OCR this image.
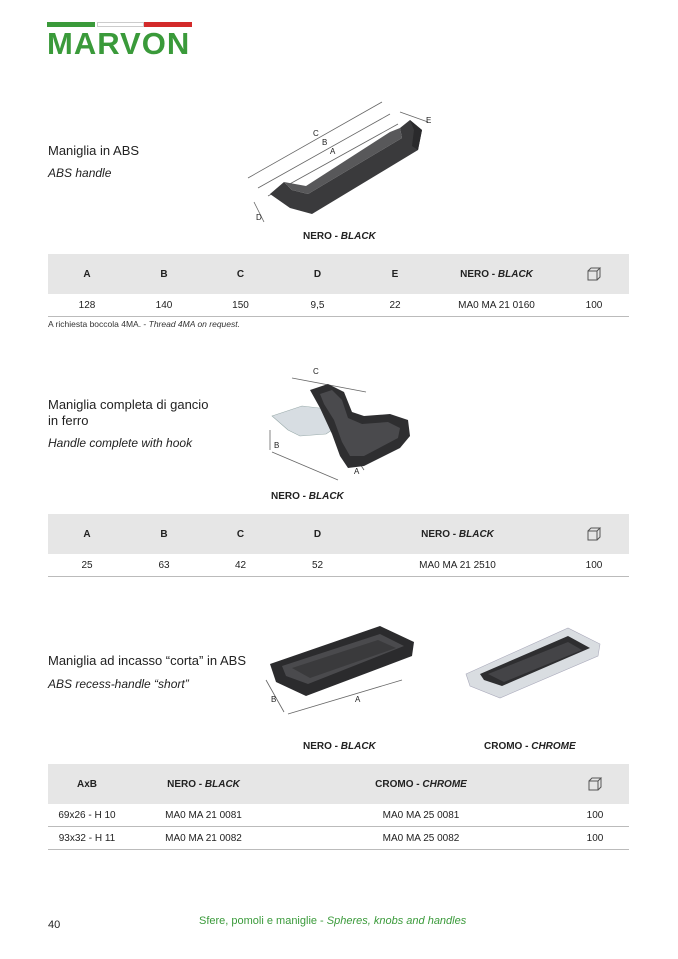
MARVON
Maniglia in ABS
ABS handle
C
B
A
E
D
NERO - BLACK
A	B	C	D	E	NERO - BLACK	
128	140	150	9,5	22	MA0 MA 21 0160	100
A richiesta boccola 4MA. - Thread 4MA on request.
Maniglia completa di gancio
in ferro
Handle complete with hook
C
B
A
NERO - BLACK
A	B	C	D	NERO - BLACK	
25	63	42	52	MA0 MA 21 2510	100
Maniglia ad incasso “corta” in ABS
ABS recess-handle “short”
B	A
NERO - BLACK	CROMO - CHROME
AxB	NERO - BLACK	CROMO - CHROME	
69x26 - H 10	MA0 MA 21 0081	MA0 MA 25 0081	100
93x32 - H 11	MA0 MA 21 0082	MA0 MA 25 0082	100
40	Sfere, pomoli e maniglie - Spheres, knobs and handles
